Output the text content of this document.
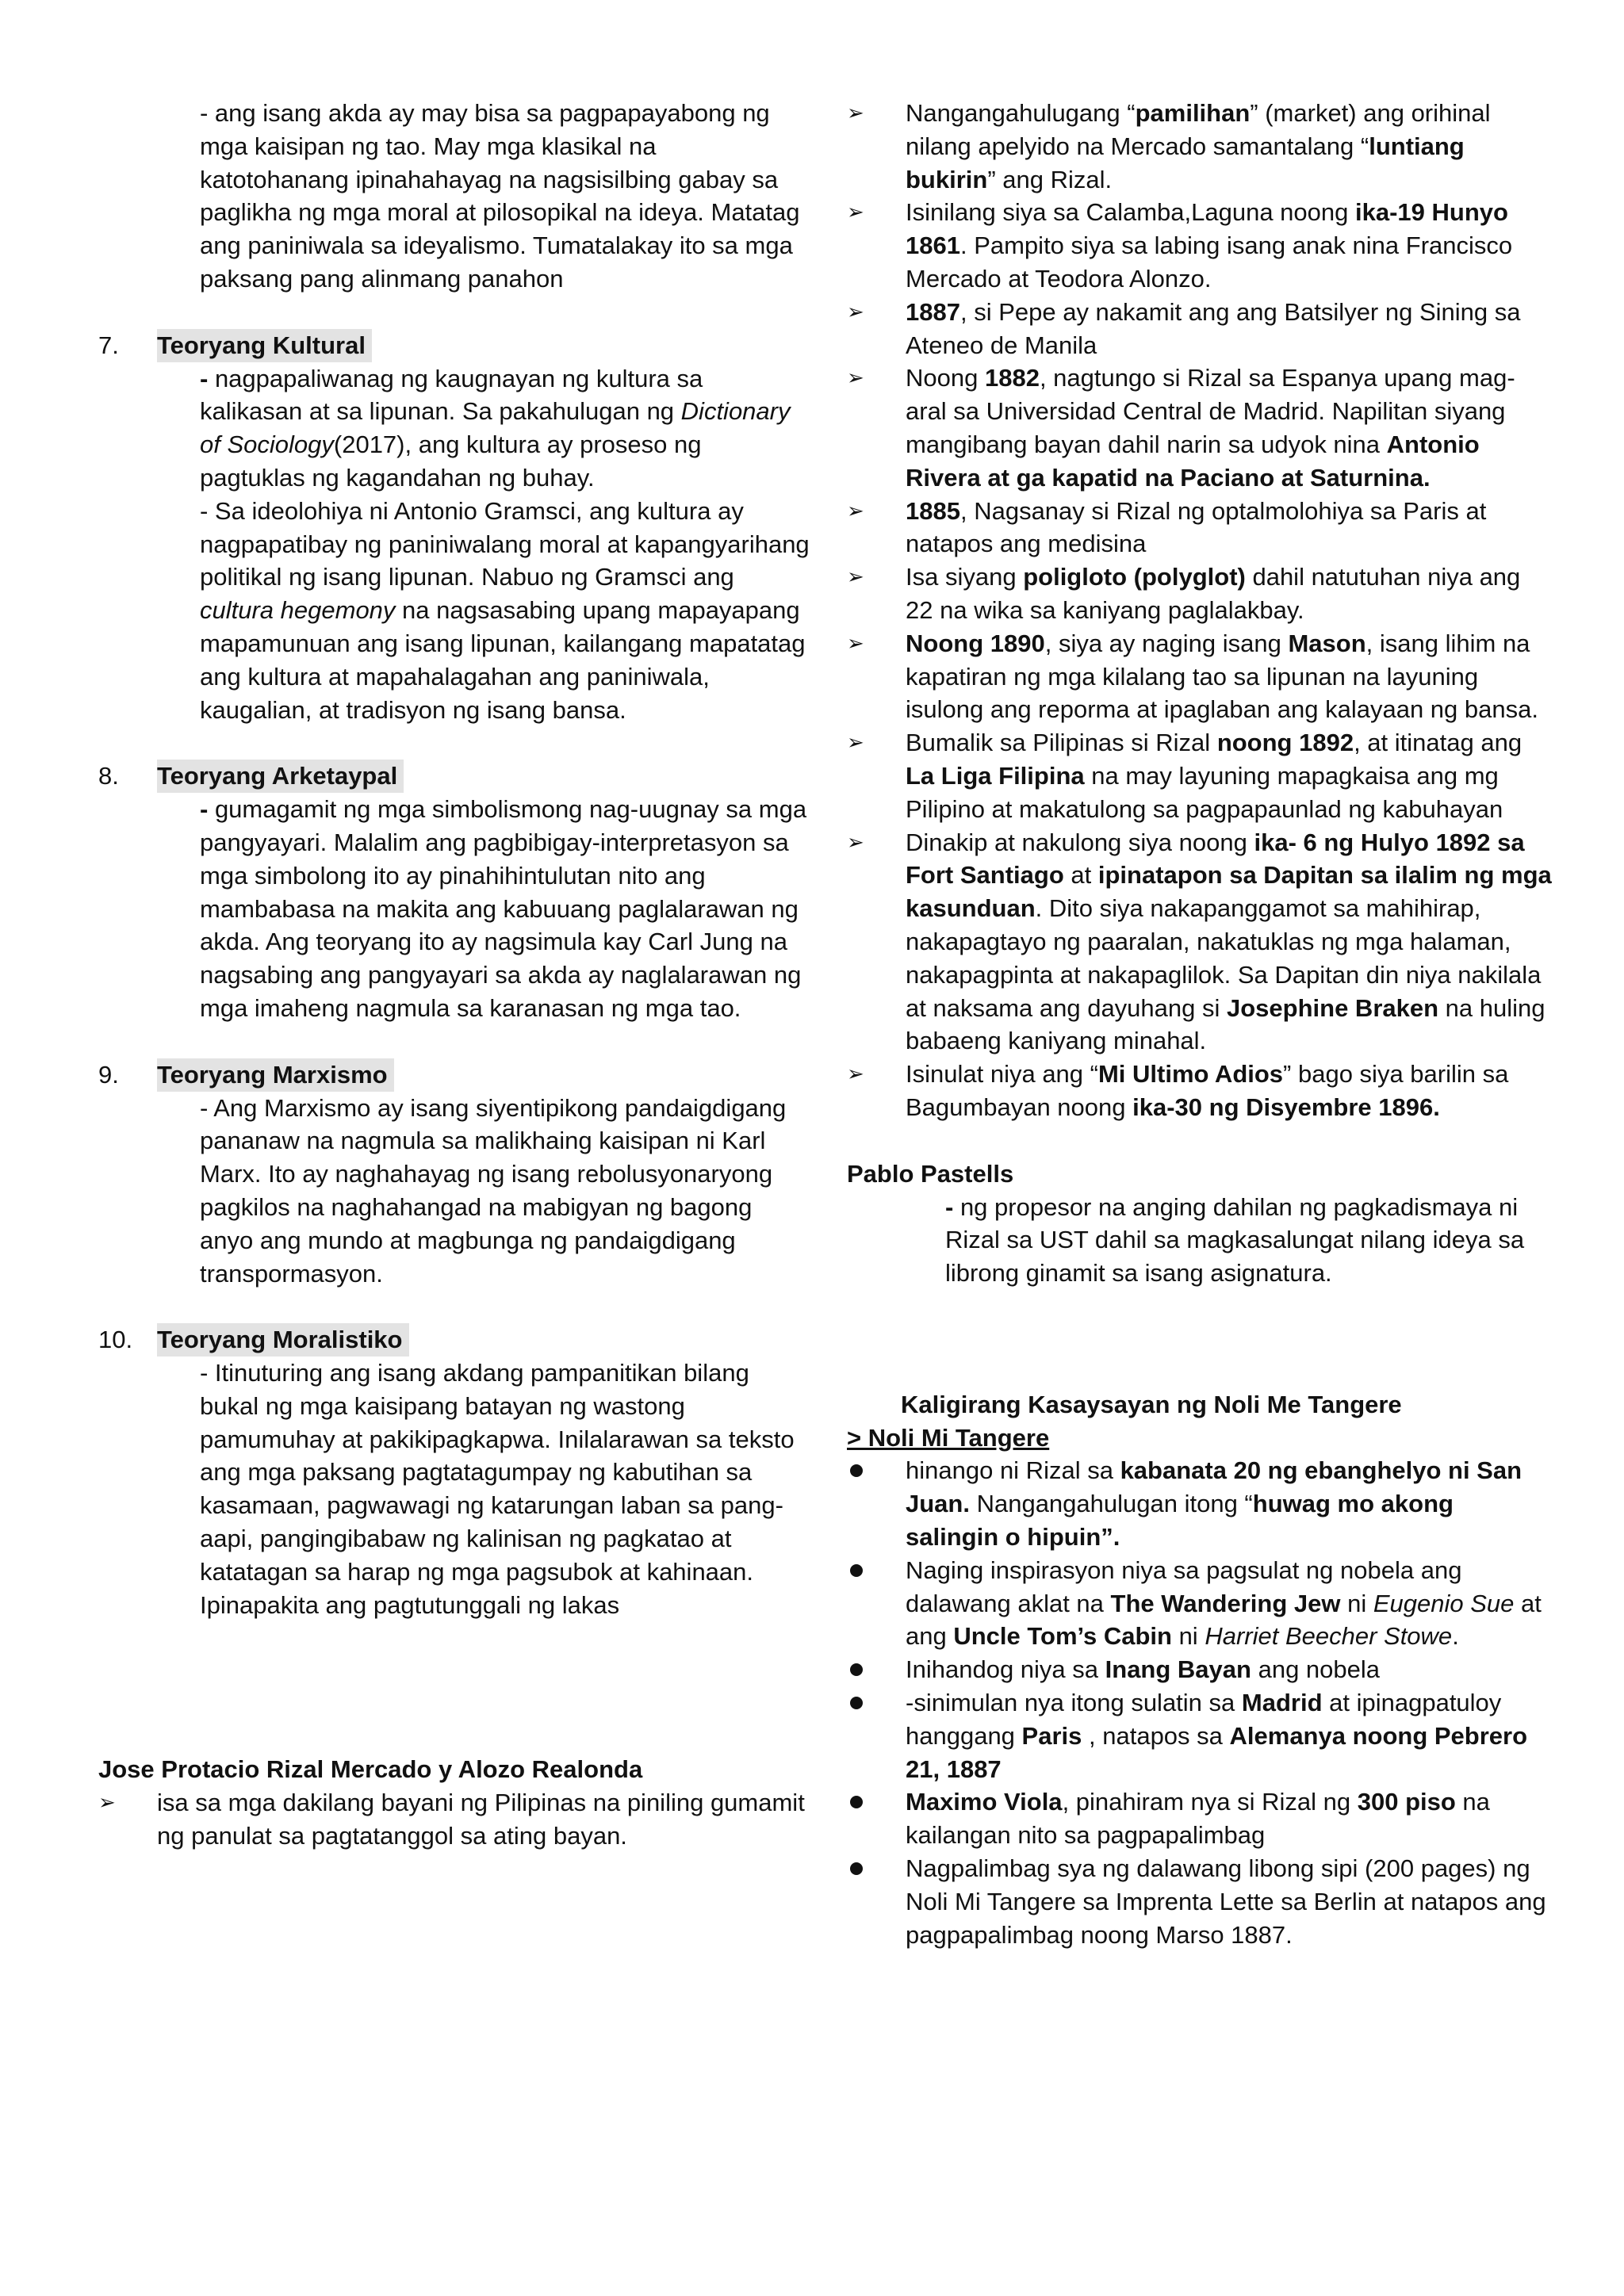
- ang isang akda ay may bisa sa pagpapayabong ng mga kaisipan ng tao. May mga klasikal na katotohanang ipinahahayag na nagsisilbing gabay sa paglikha ng mga moral at pilosopikal na ideya. Matatag ang paniniwala sa ideyalismo. Tumatalakay ito sa mga paksang pang alinmang panahon
7.	Teoryang Kultural
- nagpapaliwanag ng kaugnayan ng kultura sa kalikasan at sa lipunan. Sa pakahulugan ng Dictionary of Sociology(2017), ang kultura ay proseso ng pagtuklas ng kagandahan ng buhay.
- Sa ideolohiya ni Antonio Gramsci, ang kultura ay nagpapatibay ng paniniwalang moral at kapangyarihang politikal ng isang lipunan. Nabuo ng Gramsci ang cultura hegemony na nagsasabing upang mapayapang mapamunuan ang isang lipunan, kailangang mapatatag ang kultura at mapahalagahan ang paniniwala, kaugalian, at tradisyon ng isang bansa.
8.	Teoryang Arketaypal
- gumagamit ng mga simbolismong nag-uugnay sa mga pangyayari. Malalim ang pagbibigay-interpretasyon sa mga simbolong ito ay pinahihintulutan nito ang mambabasa na makita ang kabuuang paglalarawan ng akda. Ang teoryang ito ay nagsimula kay Carl Jung na nagsabing ang pangyayari sa akda ay naglalarawan ng mga imaheng nagmula sa karanasan ng mga tao.
9.	Teoryang Marxismo
- Ang Marxismo ay isang siyentipikong pandaigdigang pananaw na nagmula sa malikhaing kaisipan ni Karl Marx. Ito ay naghahayag ng isang rebolusyonaryong pagkilos na naghahangad na mabigyan ng bagong anyo ang mundo at magbunga ng pandaigdigang transpormasyon.
10. Teoryang Moralistiko
- Itinuturing ang isang akdang pampanitikan bilang bukal ng mga kaisipang batayan ng wastong pamumuhay at pakikipagkapwa. Inilalarawan sa teksto ang mga paksang pagtatagumpay ng kabutihan sa kasamaan, pagwawagi ng katarungan laban sa pang-aapi, pangingibabaw ng kalinisan ng pagkatao at katatagan sa harap ng mga pagsubok at kahinaan. Ipinapakita ang pagtutunggali ng lakas
Jose Protacio Rizal Mercado y Alozo Realonda
➢	isa sa mga dakilang bayani ng Pilipinas na piniling gumamit ng panulat sa pagtatanggol sa ating bayan.
➢	Nangangahulugang “pamilihan” (market) ang orihinal nilang apelyido na Mercado samantalang “luntiang bukirin” ang Rizal.
➢	Isinilang siya sa Calamba,Laguna noong ika-19 Hunyo 1861. Pampito siya sa labing isang anak nina Francisco Mercado at Teodora Alonzo.
➢	1887, si Pepe ay nakamit ang ang Batsilyer ng Sining sa Ateneo de Manila
➢	Noong 1882, nagtungo si Rizal sa Espanya upang mag-aral sa Universidad Central de Madrid. Napilitan siyang mangibang bayan dahil narin sa udyok nina Antonio Rivera at ga kapatid na Paciano at Saturnina.
➢	1885, Nagsanay si Rizal ng optalmolohiya sa Paris at natapos ang medisina
➢	Isa siyang poligloto (polyglot) dahil natutuhan niya ang 22 na wika sa kaniyang paglalakbay.
➢	Noong 1890, siya ay naging isang Mason, isang lihim na kapatiran ng mga kilalang tao sa lipunan na layuning isulong ang reporma at ipaglaban ang kalayaan ng bansa.
➢	Bumalik sa Pilipinas si Rizal noong 1892, at itinatag ang La Liga Filipina na may layuning mapagkaisa ang mg Pilipino at makatulong sa pagpapaunlad ng kabuhayan
➢	Dinakip at nakulong siya noong ika- 6 ng Hulyo 1892 sa Fort Santiago at ipinatapon sa Dapitan sa ilalim ng mga kasunduan. Dito siya nakapanggamot sa mahihirap, nakapagtayo ng paaralan, nakatuklas ng mga halaman, nakapagpinta at nakapaglilok. Sa Dapitan din niya nakilala at naksama ang dayuhang si Josephine Braken na huling babaeng kaniyang minahal.
➢	Isinulat niya ang “Mi Ultimo Adios” bago siya barilin sa Bagumbayan noong ika-30 ng Disyembre 1896.
Pablo Pastells
- ng propesor na anging dahilan ng pagkadismaya ni Rizal sa UST dahil sa magkasalungat nilang ideya sa librong ginamit sa isang asignatura.
Kaligirang Kasaysayan ng Noli Me Tangere
> Noli Mi Tangere
hinango ni Rizal sa kabanata 20 ng ebanghelyo ni San Juan. Nangangahulugan itong “huwag mo akong salingin o hipuin”.
Naging inspirasyon niya sa pagsulat ng nobela ang dalawang aklat na The Wandering Jew ni Eugenio Sue at ang Uncle Tom’s Cabin ni Harriet Beecher Stowe.
Inihandog niya sa Inang Bayan ang nobela
-sinimulan nya itong sulatin sa Madrid at ipinagpatuloy hanggang Paris , natapos sa Alemanya noong Pebrero 21, 1887
Maximo Viola, pinahiram nya si Rizal ng 300 piso na kailangan nito sa pagpapalimbag
Nagpalimbag sya ng dalawang libong sipi (200 pages) ng Noli Mi Tangere sa Imprenta Lette sa Berlin at natapos ang pagpapalimbag noong Marso 1887.
